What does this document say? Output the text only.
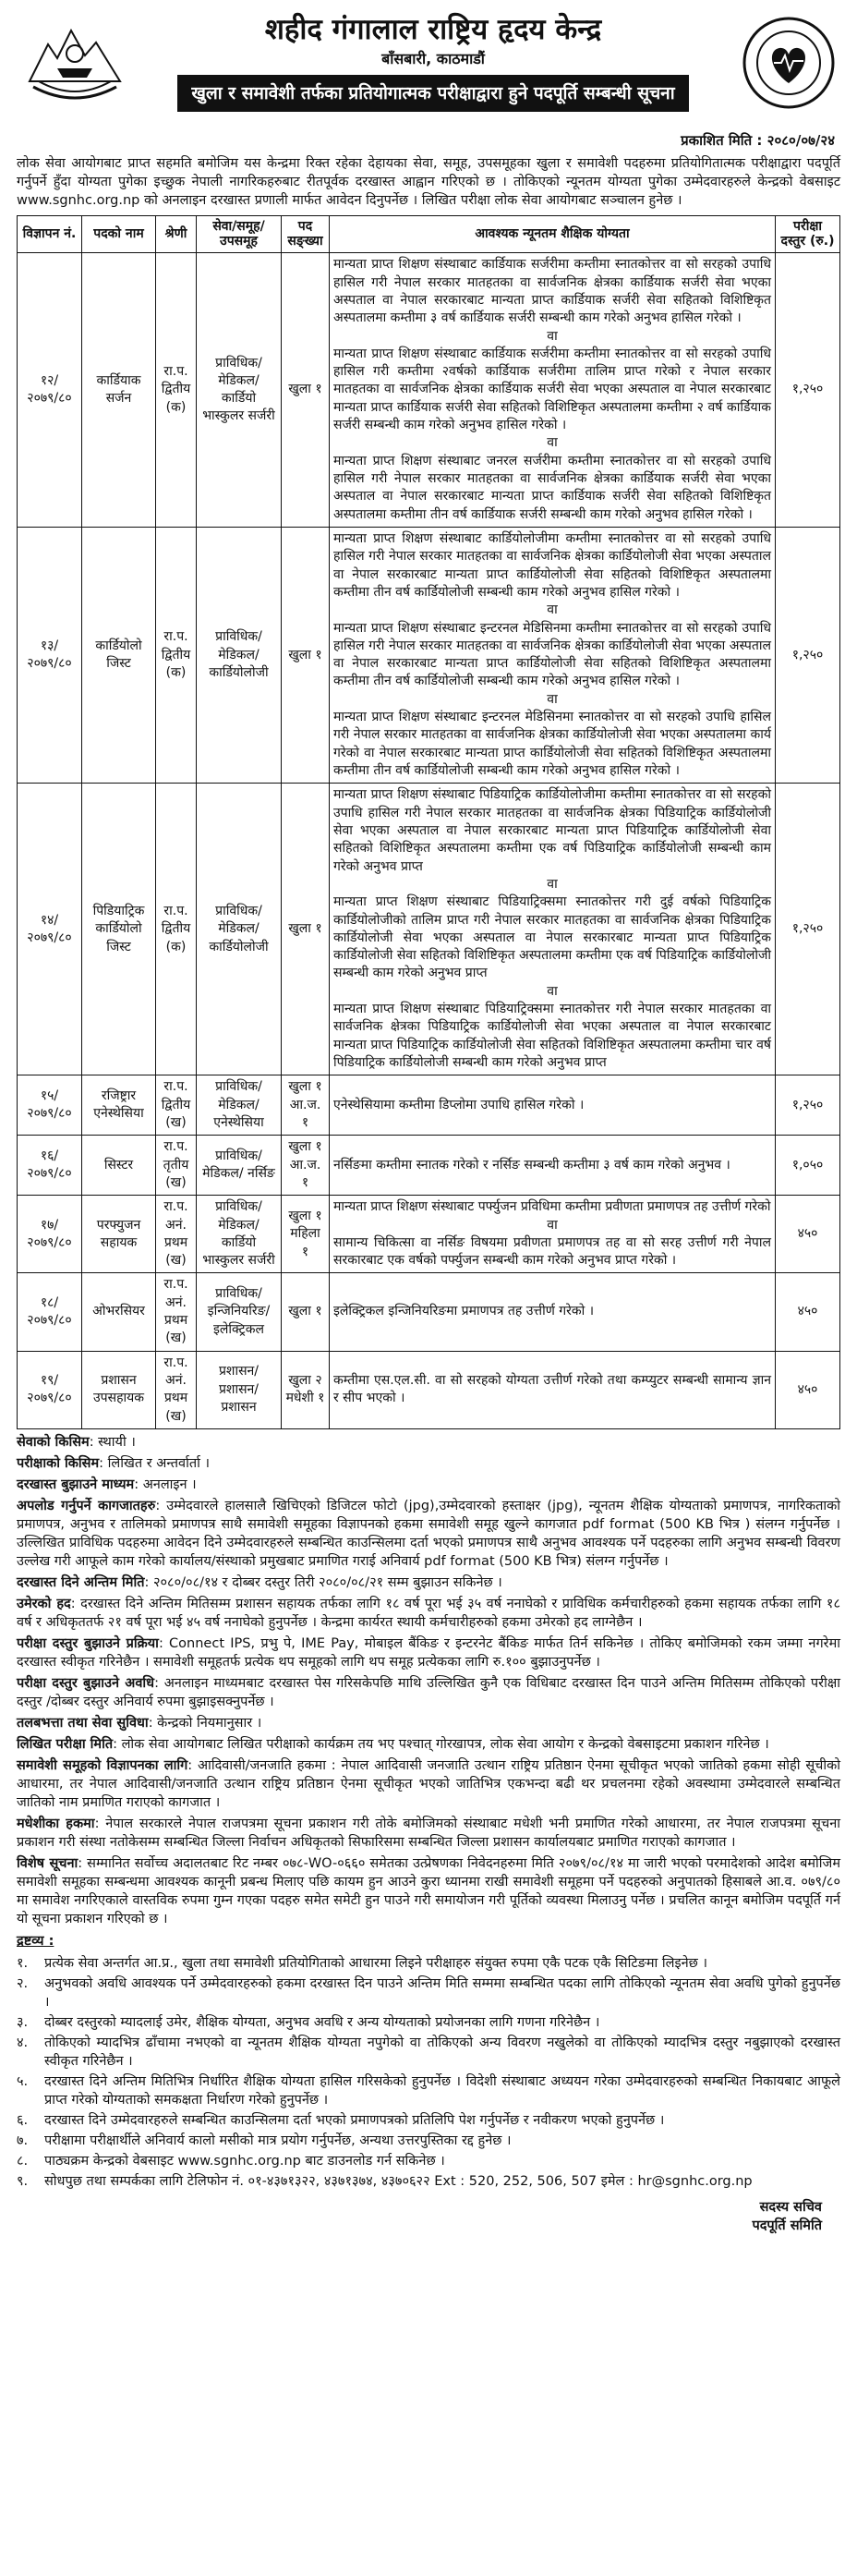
शहीद गंगालाल राष्ट्रिय हृदय केन्द्र
बाँसबारी, काठमाडौं
खुला र समावेशी तर्फका प्रतियोगात्मक परीक्षाद्वारा हुने पदपूर्ति सम्बन्धी सूचना
प्रकाशित मिति : २०८०/०७/२४
लोक सेवा आयोगबाट प्राप्त सहमति बमोजिम यस केन्द्रमा रिक्त रहेका देहायका सेवा, समूह, उपसमूहका खुला र समावेशी पदहरुमा प्रतियोगितात्मक परीक्षाद्वारा पदपूर्ति गर्नुपर्ने हुँदा योग्यता पुगेका इच्छुक नेपाली नागरिकहरुबाट रीतपूर्वक दरखास्त आह्वान गरिएको छ । तोकिएको न्यूनतम योग्यता पुगेका उम्मेदवारहरुले केन्द्रको वेबसाइट www.sgnhc.org.np को अनलाइन दरखास्त प्रणाली मार्फत आवेदन दिनुपर्नेछ । लिखित परीक्षा लोक सेवा आयोगबाट सञ्चालन हुनेछ ।
विज्ञापन नं.	पदको नाम	श्रेणी	सेवा/समूह/ उपसमूह	पद सङ्ख्या	आवश्यक न्यूनतम शैक्षिक योग्यता	परीक्षा दस्तुर (रु.)
१२/ २०७९/८०	कार्डियाक सर्जन	रा.प. द्वितीय (क)	प्राविधिक/ मेडिकल/ कार्डियो भास्कुलर सर्जरी	खुला १	मान्यता प्राप्त शिक्षण संस्थाबाट कार्डियाक सर्जरीमा कम्तीमा स्नातकोत्तर वा सो सरहको उपाधि हासिल गरी नेपाल सरकार मातहतका वा सार्वजनिक क्षेत्रका कार्डियाक सर्जरी सेवा भएका अस्पताल वा नेपाल सरकारबाट मान्यता प्राप्त कार्डियाक सर्जरी सेवा सहितको विशिष्टिकृत अस्पतालमा कम्तीमा ३ वर्ष कार्डियाक सर्जरी सम्बन्धी काम गरेको अनुभव हासिल गरेको ।
वा
मान्यता प्राप्त शिक्षण संस्थाबाट कार्डियाक सर्जरीमा कम्तीमा स्नातकोत्तर वा सो सरहको उपाधि हासिल गरी कम्तीमा २वर्षको कार्डियाक सर्जरीमा तालिम प्राप्त गरेको र नेपाल सरकार मातहतका वा सार्वजनिक क्षेत्रका कार्डियाक सर्जरी सेवा भएका अस्पताल वा नेपाल सरकारबाट मान्यता प्राप्त कार्डियाक सर्जरी सेवा सहितको विशिष्टिकृत अस्पतालमा कम्तीमा २ वर्ष कार्डियाक सर्जरी सम्बन्धी काम गरेको अनुभव हासिल गरेको ।
वा
मान्यता प्राप्त शिक्षण संस्थाबाट जनरल सर्जरीमा कम्तीमा स्नातकोत्तर वा सो सरहको उपाधि हासिल गरी नेपाल सरकार मातहतका वा सार्वजनिक क्षेत्रका कार्डियाक सर्जरी सेवा भएका अस्पताल वा नेपाल सरकारबाट मान्यता प्राप्त कार्डियाक सर्जरी सेवा सहितको विशिष्टिकृत अस्पतालमा कम्तीमा तीन वर्ष कार्डियाक सर्जरी सम्बन्धी काम गरेको अनुभव हासिल गरेको ।	१,२५०
१३/ २०७९/८०	कार्डियोलो जिस्ट	रा.प. द्वितीय (क)	प्राविधिक/ मेडिकल/ कार्डियोलोजी	खुला १	मान्यता प्राप्त शिक्षण संस्थाबाट कार्डियोलोजीमा कम्तीमा स्नातकोत्तर वा सो सरहको उपाधि हासिल गरी नेपाल सरकार मातहतका वा सार्वजनिक क्षेत्रका कार्डियोलोजी सेवा भएका अस्पताल वा नेपाल सरकारबाट मान्यता प्राप्त कार्डियोलोजी सेवा सहितको विशिष्टिकृत अस्पतालमा कम्तीमा तीन वर्ष कार्डियोलोजी सम्बन्धी काम गरेको अनुभव हासिल गरेको ।
वा
मान्यता प्राप्त शिक्षण संस्थाबाट इन्टरनल मेडिसिनमा कम्तीमा स्नातकोत्तर वा सो सरहको उपाधि हासिल गरी नेपाल सरकार मातहतका वा सार्वजनिक क्षेत्रका कार्डियोलोजी सेवा भएका अस्पताल वा नेपाल सरकारबाट मान्यता प्राप्त कार्डियोलोजी सेवा सहितको विशिष्टिकृत अस्पतालमा कम्तीमा तीन वर्ष कार्डियोलोजी सम्बन्धी काम गरेको अनुभव हासिल गरेको ।
वा
मान्यता प्राप्त शिक्षण संस्थाबाट इन्टरनल मेडिसिनमा स्नातकोत्तर वा सो सरहको उपाधि हासिल गरी नेपाल सरकार मातहतका वा सार्वजनिक क्षेत्रका कार्डियोलोजी सेवा भएका अस्पतालमा कार्य गरेको वा नेपाल सरकारबाट मान्यता प्राप्त कार्डियोलोजी सेवा सहितको विशिष्टिकृत अस्पतालमा कम्तीमा तीन वर्ष कार्डियोलोजी सम्बन्धी काम गरेको अनुभव हासिल गरेको ।	१,२५०
१४/ २०७९/८०	पिडियाट्रिक कार्डियोलो जिस्ट	रा.प. द्वितीय (क)	प्राविधिक/ मेडिकल/ कार्डियोलोजी	खुला १	मान्यता प्राप्त शिक्षण संस्थाबाट पिडियाट्रिक कार्डियोलोजीमा कम्तीमा स्नातकोत्तर वा सो सरहको उपाधि हासिल गरी नेपाल सरकार मातहतका वा सार्वजनिक क्षेत्रका पिडियाट्रिक कार्डियोलोजी सेवा भएका अस्पताल वा नेपाल सरकारबाट मान्यता प्राप्त पिडियाट्रिक कार्डियोलोजी सेवा सहितको विशिष्टिकृत अस्पतालमा कम्तीमा एक वर्ष पिडियाट्रिक कार्डियोलोजी सम्बन्धी काम गरेको अनुभव प्राप्त
वा
मान्यता प्राप्त शिक्षण संस्थाबाट पिडियाट्रिक्समा स्नातकोत्तर गरी दुई वर्षको पिडियाट्रिक कार्डियोलोजीको तालिम प्राप्त गरी नेपाल सरकार मातहतका वा सार्वजनिक क्षेत्रका पिडियाट्रिक कार्डियोलोजी सेवा भएका अस्पताल वा नेपाल सरकारबाट मान्यता प्राप्त पिडियाट्रिक कार्डियोलोजी सेवा सहितको विशिष्टिकृत अस्पतालमा कम्तीमा एक वर्ष पिडियाट्रिक कार्डियोलोजी सम्बन्धी काम गरेको अनुभव प्राप्त
वा
मान्यता प्राप्त शिक्षण संस्थाबाट पिडियाट्रिक्समा स्नातकोत्तर गरी नेपाल सरकार मातहतका वा सार्वजनिक क्षेत्रका पिडियाट्रिक कार्डियोलोजी सेवा भएका अस्पताल वा नेपाल सरकारबाट मान्यता प्राप्त पिडियाट्रिक कार्डियोलोजी सेवा सहितको विशिष्टिकृत अस्पतालमा कम्तीमा चार वर्ष पिडियाट्रिक कार्डियोलोजी सम्बन्धी काम गरेको अनुभव प्राप्त	१,२५०
१५/ २०७९/८०	रजिष्ट्रार एनेस्थेसिया	रा.प. द्वितीय (ख)	प्राविधिक/ मेडिकल/ एनेस्थेसिया	खुला १ आ.ज. १	एनेस्थेसियामा कम्तीमा डिप्लोमा उपाधि हासिल गरेको ।	१,२५०
१६/ २०७९/८०	सिस्टर	रा.प. तृतीय (ख)	प्राविधिक/ मेडिकल/ नर्सिङ	खुला १ आ.ज. १	नर्सिङमा कम्तीमा स्नातक गरेको र नर्सिङ सम्बन्धी कम्तीमा ३ वर्ष काम गरेको अनुभव ।	१,०५०
१७/ २०७९/८०	परफ्युजन सहायक	रा.प. अनं. प्रथम (ख)	प्राविधिक/ मेडिकल/ कार्डियो भास्कुलर सर्जरी	खुला १ महिला १	मान्यता प्राप्त शिक्षण संस्थाबाट पर्फ्युजन प्रविधिमा कम्तीमा प्रवीणता प्रमाणपत्र तह उत्तीर्ण गरेको
वा
सामान्य चिकित्सा वा नर्सिङ विषयमा प्रवीणता प्रमाणपत्र तह वा सो सरह उत्तीर्ण गरी नेपाल सरकारबाट एक वर्षको पर्फ्युजन सम्बन्धी काम गरेको अनुभव प्राप्त गरेको ।	४५०
१८/ २०७९/८०	ओभरसियर	रा.प. अनं. प्रथम (ख)	प्राविधिक/ इन्जिनियरिङ/ इलेक्ट्रिकल	खुला १	इलेक्ट्रिकल इन्जिनियरिङमा प्रमाणपत्र तह उत्तीर्ण गरेको ।	४५०
१९/ २०७९/८०	प्रशासन उपसहायक	रा.प. अनं. प्रथम (ख)	प्रशासन/ प्रशासन/ प्रशासन	खुला २ मधेशी १	कम्तीमा एस.एल.सी. वा सो सरहको योग्यता उत्तीर्ण गरेको तथा कम्प्युटर सम्बन्धी सामान्य ज्ञान र सीप भएको ।	४५०
सेवाको किसिम: स्थायी ।
परीक्षाको किसिम: लिखित र अन्तर्वार्ता ।
दरखास्त बुझाउने माध्यम: अनलाइन ।
अपलोड गर्नुपर्ने कागजातहरु: उम्मेदवारले हालसालै खिचिएको डिजिटल फोटो (jpg),उम्मेदवारको हस्ताक्षर (jpg), न्यूनतम शैक्षिक योग्यताको प्रमाणपत्र, नागरिकताको प्रमाणपत्र, अनुभव र तालिमको प्रमाणपत्र साथै समावेशी समूहका विज्ञापनको हकमा समावेशी समूह खुल्ने कागजात pdf format (500 KB भित्र ) संलग्न गर्नुपर्नेछ । उल्लिखित प्राविधिक पदहरुमा आवेदन दिने उम्मेदवारहरुले सम्बन्धित काउन्सिलमा दर्ता भएको प्रमाणपत्र साथै अनुभव आवश्यक पर्ने पदहरुका लागि अनुभव सम्बन्धी विवरण उल्लेख गरी आफूले काम गरेको कार्यालय/संस्थाको प्रमुखबाट प्रमाणित गराई अनिवार्य pdf format (500 KB भित्र) संलग्न गर्नुपर्नेछ ।
दरखास्त दिने अन्तिम मिति: २०८०/०८/१४ र दोब्बर दस्तुर तिरी २०८०/०८/२१ सम्म बुझाउन सकिनेछ ।
उमेरको हद: दरखास्त दिने अन्तिम मितिसम्म प्रशासन सहायक तर्फका लागि १८ वर्ष पूरा भई ३५ वर्ष ननाघेको र प्राविधिक कर्मचारीहरुको हकमा सहायक तर्फका लागि १८ वर्ष र अधिकृततर्फ २१ वर्ष पूरा भई ४५ वर्ष ननाघेको हुनुपर्नेछ । केन्द्रमा कार्यरत स्थायी कर्मचारीहरुको हकमा उमेरको हद लाग्नेछैन ।
परीक्षा दस्तुर बुझाउने प्रक्रिया: Connect IPS, प्रभु पे, IME Pay, मोबाइल बैंकिङ र इन्टरनेट बैंकिङ मार्फत तिर्न सकिनेछ । तोकिए बमोजिमको रकम जम्मा नगरेमा दरखास्त स्वीकृत गरिनेछैन । समावेशी समूहतर्फ प्रत्येक थप समूहको लागि थप समूह प्रत्येकका लागि रु.१०० बुझाउनुपर्नेछ ।
परीक्षा दस्तुर बुझाउने अवधि: अनलाइन माध्यमबाट दरखास्त पेस गरिसकेपछि माथि उल्लिखित कुनै एक विधिबाट दरखास्त दिन पाउने अन्तिम मितिसम्म तोकिएको परीक्षा दस्तुर /दोब्बर दस्तुर अनिवार्य रुपमा बुझाइसक्नुपर्नेछ ।
तलबभत्ता तथा सेवा सुविधा: केन्द्रको नियमानुसार ।
लिखित परीक्षा मिति: लोक सेवा आयोगबाट लिखित परीक्षाको कार्यक्रम तय भए पश्चात् गोरखापत्र, लोक सेवा आयोग र केन्द्रको वेबसाइटमा प्रकाशन गरिनेछ ।
समावेशी समूहको विज्ञापनका लागि: आदिवासी/जनजाति हकमा : नेपाल आदिवासी जनजाति उत्थान राष्ट्रिय प्रतिष्ठान ऐनमा सूचीकृत भएको जातिको हकमा सोही सूचीको आधारमा, तर नेपाल आदिवासी/जनजाति उत्थान राष्ट्रिय प्रतिष्ठान ऐनमा सूचीकृत भएको जातिभित्र एकभन्दा बढी थर प्रचलनमा रहेको अवस्थामा उम्मेदवारले सम्बन्धित जातिको नाम प्रमाणित गराएको कागजात ।
मधेशीका हकमा: नेपाल सरकारले नेपाल राजपत्रमा सूचना प्रकाशन गरी तोके बमोजिमको संस्थाबाट मधेशी भनी प्रमाणित गरेको आधारमा, तर नेपाल राजपत्रमा सूचना प्रकाशन गरी संस्था नतोकेसम्म सम्बन्धित जिल्ला निर्वाचन अधिकृतको सिफारिसमा सम्बन्धित जिल्ला प्रशासन कार्यालयबाट प्रमाणित गराएको कागजात ।
विशेष सूचना: सम्मानित सर्वोच्च अदालतबाट रिट नम्बर ०७८-WO-०६६० समेतका उत्प्रेषणका निवेदनहरुमा मिति २०७९/०८/१४ मा जारी भएको परमादेशको आदेश बमोजिम समावेशी समूहका सम्बन्धमा आवश्यक कानूनी प्रबन्ध मिलाए पछि कायम हुन आउने कुरा ध्यानमा राखी समावेशी समूहमा पर्ने पदहरुको अनुपातको हिसाबले आ.व. ०७९/८० मा समावेश नगरिएकाले वास्तविक रुपमा गुम्न गएका पदहरु समेत समेटी हुन पाउने गरी समायोजन गरी पूर्तिको व्यवस्था मिलाउनु पर्नेछ । प्रचलित कानून बमोजिम पदपूर्ति गर्न यो सूचना प्रकाशन गरिएको छ ।
द्रष्टव्य :
१.	प्रत्येक सेवा अन्तर्गत आ.प्र., खुला तथा समावेशी प्रतियोगिताको आधारमा लिइने परीक्षाहरु संयुक्त रुपमा एकै पटक एकै सिटिङमा लिइनेछ ।
२.	अनुभवको अवधि आवश्यक पर्ने उम्मेदवारहरुको हकमा दरखास्त दिन पाउने अन्तिम मिति सम्ममा सम्बन्धित पदका लागि तोकिएको न्यूनतम सेवा अवधि पुगेको हुनुपर्नेछ ।
३.	दोब्बर दस्तुरको म्यादलाई उमेर, शैक्षिक योग्यता, अनुभव अवधि र अन्य योग्यताको प्रयोजनका लागि गणना गरिनेछैन ।
४.	तोकिएको म्यादभित्र ढाँचामा नभएको वा न्यूनतम शैक्षिक योग्यता नपुगेको वा तोकिएको अन्य विवरण नखुलेको वा तोकिएको म्यादभित्र दस्तुर नबुझाएको दरखास्त स्वीकृत गरिनेछैन ।
५.	दरखास्त दिने अन्तिम मितिभित्र निर्धारित शैक्षिक योग्यता हासिल गरिसकेको हुनुपर्नेछ । विदेशी संस्थाबाट अध्ययन गरेका उम्मेदवारहरुको सम्बन्धित निकायबाट आफूले प्राप्त गरेको योग्यताको समकक्षता निर्धारण गरेको हुनुपर्नेछ ।
६.	दरखास्त दिने उम्मेदवारहरुले सम्बन्धित काउन्सिलमा दर्ता भएको प्रमाणपत्रको प्रतिलिपि पेश गर्नुपर्नेछ र नवीकरण भएको हुनुपर्नेछ ।
७.	परीक्षामा परीक्षार्थीले अनिवार्य कालो मसीको मात्र प्रयोग गर्नुपर्नेछ, अन्यथा उत्तरपुस्तिका रद्द हुनेछ ।
८.	पाठ्यक्रम केन्द्रको वेबसाइट www.sgnhc.org.np बाट डाउनलोड गर्न सकिनेछ ।
९.	सोधपुछ तथा सम्पर्कका लागि टेलिफोन नं. ०१-४३७१३२२, ४३७१३७४, ४३७०६२२ Ext : 520, 252, 506, 507 इमेल : hr@sgnhc.org.np
सदस्य सचिव
पदपूर्ति समिति
